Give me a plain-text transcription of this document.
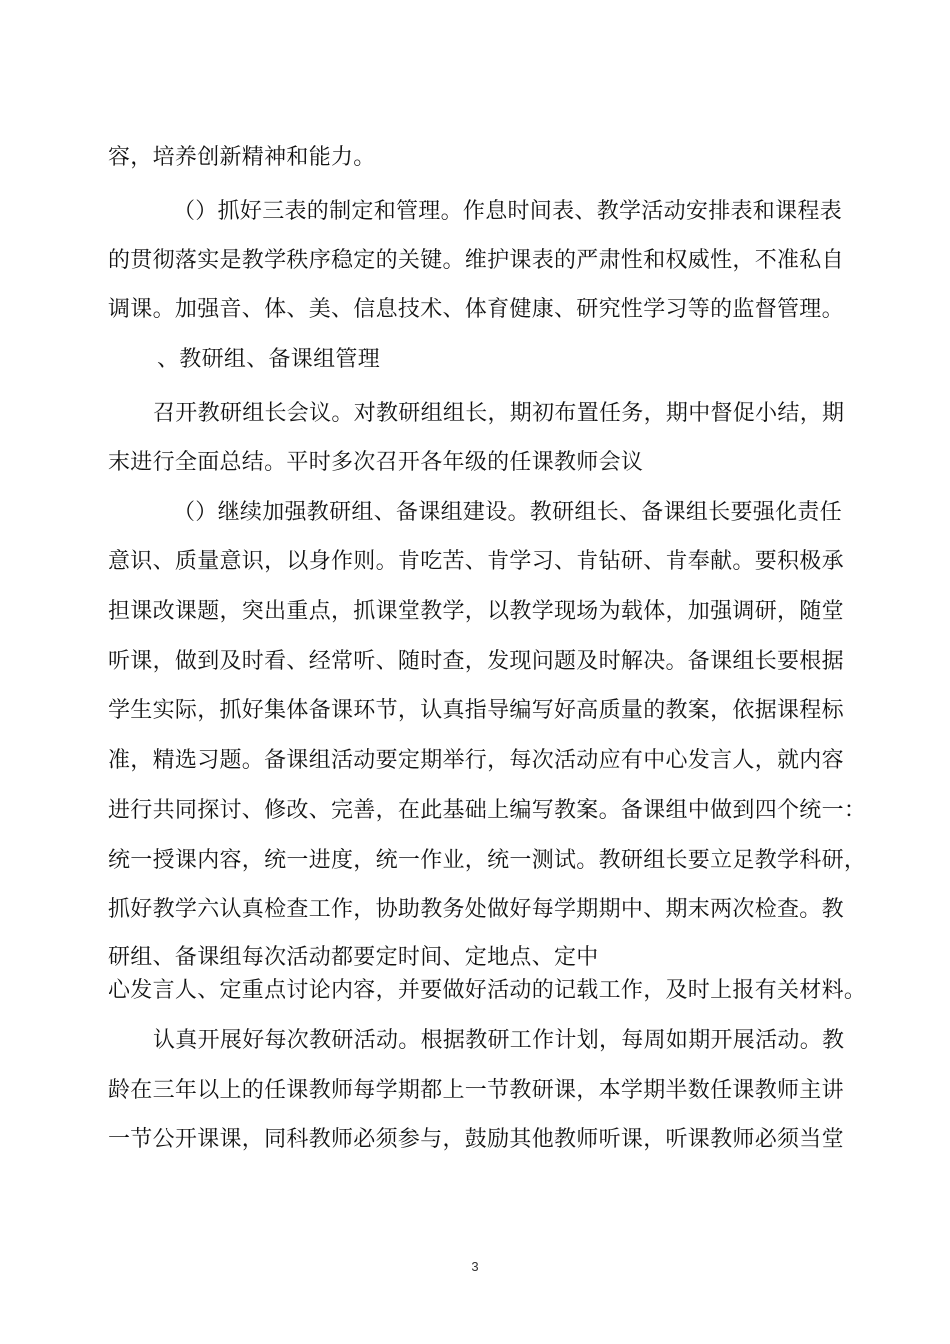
容，培养创新精神和能力。
（）抓好三表的制定和管理。作息时间表、教学活动安排表和课程表
的贯彻落实是教学秩序稳定的关键。维护课表的严肃性和权威性，不准私自
调课。加强音、体、美、信息技术、体育健康、研究性学习等的监督管理。
、教研组、备课组管理
召开教研组长会议。对教研组组长，期初布置任务，期中督促小结，期
末进行全面总结。平时多次召开各年级的任课教师会议
（）继续加强教研组、备课组建设。教研组长、备课组长要强化责任
意识、质量意识，以身作则。肯吃苦、肯学习、肯钻研、肯奉献。要积极承
担课改课题，突出重点，抓课堂教学，以教学现场为载体，加强调研，随堂
听课，做到及时看、经常听、随时查，发现问题及时解决。备课组长要根据
学生实际，抓好集体备课环节，认真指导编写好高质量的教案，依据课程标
准，精选习题。备课组活动要定期举行，每次活动应有中心发言人，就内容
进行共同探讨、修改、完善，在此基础上编写教案。备课组中做到四个统一：
统一授课内容，统一进度，统一作业，统一测试。教研组长要立足教学科研，
抓好教学六认真检查工作，协助教务处做好每学期期中、期末两次检查。教
研组、备课组每次活动都要定时间、定地点、定中
心发言人、定重点讨论内容，并要做好活动的记载工作，及时上报有关材料。
认真开展好每次教研活动。根据教研工作计划，每周如期开展活动。教
龄在三年以上的任课教师每学期都上一节教研课，本学期半数任课教师主讲
一节公开课课，同科教师必须参与，鼓励其他教师听课，听课教师必须当堂
3
